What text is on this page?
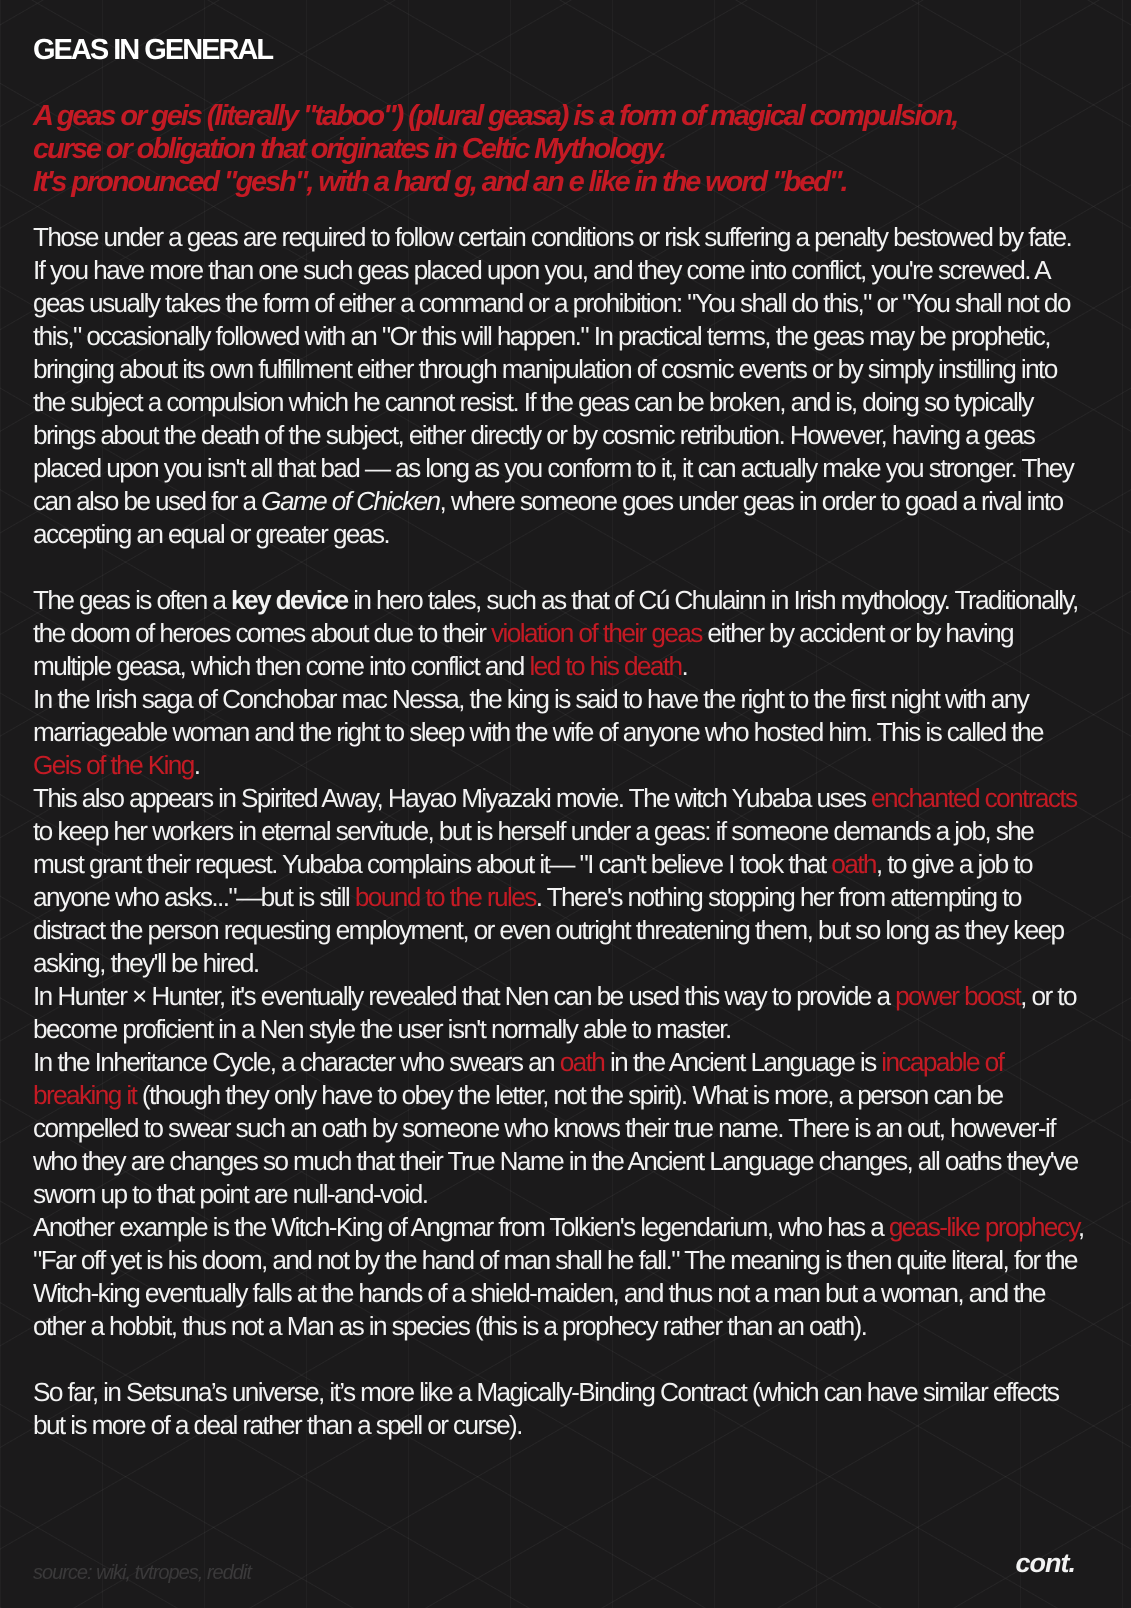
GEAS IN GENERAL
A geas or geis (literally "taboo") (plural geasa) is a form of magical compulsion,
curse or obligation that originates in Celtic Mythology.
It's pronounced "gesh", with a hard g, and an e like in the word "bed".

Those under a geas are required to follow certain conditions or risk suffering a penalty bestowed by fate. If you have more than one such geas placed upon you, and they come into conflict, you're screwed. A geas usually takes the form of either a command or a prohibition: "You shall do this," or "You shall not do this," occasionally followed with an "Or this will happen." In practical terms, the geas may be prophetic, bringing about its own fulfillment either through manipulation of cosmic events or by simply instilling into the subject a compulsion which he cannot resist. If the geas can be broken, and is, doing so typically brings about the death of the subject, either directly or by cosmic retribution. However, having a geas placed upon you isn't all that bad — as long as you conform to it, it can actually make you stronger. They can also be used for a Game of Chicken, where someone goes under geas in order to goad a rival into accepting an equal or greater geas.

The geas is often a key device in hero tales, such as that of Cú Chulainn in Irish mythology. Traditionally, the doom of heroes comes about due to their violation of their geas either by accident or by having multiple geasa, which then come into conflict and led to his death.

In the Irish saga of Conchobar mac Nessa, the king is said to have the right to the first night with any marriageable woman and the right to sleep with the wife of anyone who hosted him. This is called the Geis of the King.

This also appears in Spirited Away, Hayao Miyazaki movie. The witch Yubaba uses enchanted contracts to keep her workers in eternal servitude, but is herself under a geas: if someone demands a job, she must grant their request. Yubaba complains about it— "I can't believe I took that oath, to give a job to anyone who asks..."—but is still bound to the rules. There's nothing stopping her from attempting to distract the person requesting employment, or even outright threatening them, but so long as they keep asking, they'll be hired.

In Hunter × Hunter, it's eventually revealed that Nen can be used this way to provide a power boost, or to become proficient in a Nen style the user isn't normally able to master.

In the Inheritance Cycle, a character who swears an oath in the Ancient Language is incapable of breaking it (though they only have to obey the letter, not the spirit). What is more, a person can be compelled to swear such an oath by someone who knows their true name. There is an out, however-if who they are changes so much that their True Name in the Ancient Language changes, all oaths they've sworn up to that point are null-and-void.

Another example is the Witch-King of Angmar from Tolkien's legendarium, who has a geas-like prophecy, "Far off yet is his doom, and not by the hand of man shall he fall." The meaning is then quite literal, for the Witch-king eventually falls at the hands of a shield-maiden, and thus not a man but a woman, and the other a hobbit, thus not a Man as in species (this is a prophecy rather than an oath).

So far, in Setsuna’s universe, it’s more like a Magically-Binding Contract (which can have similar effects but is more of a deal rather than a spell or curse).

source: wiki, tvtropes, reddit	cont.
